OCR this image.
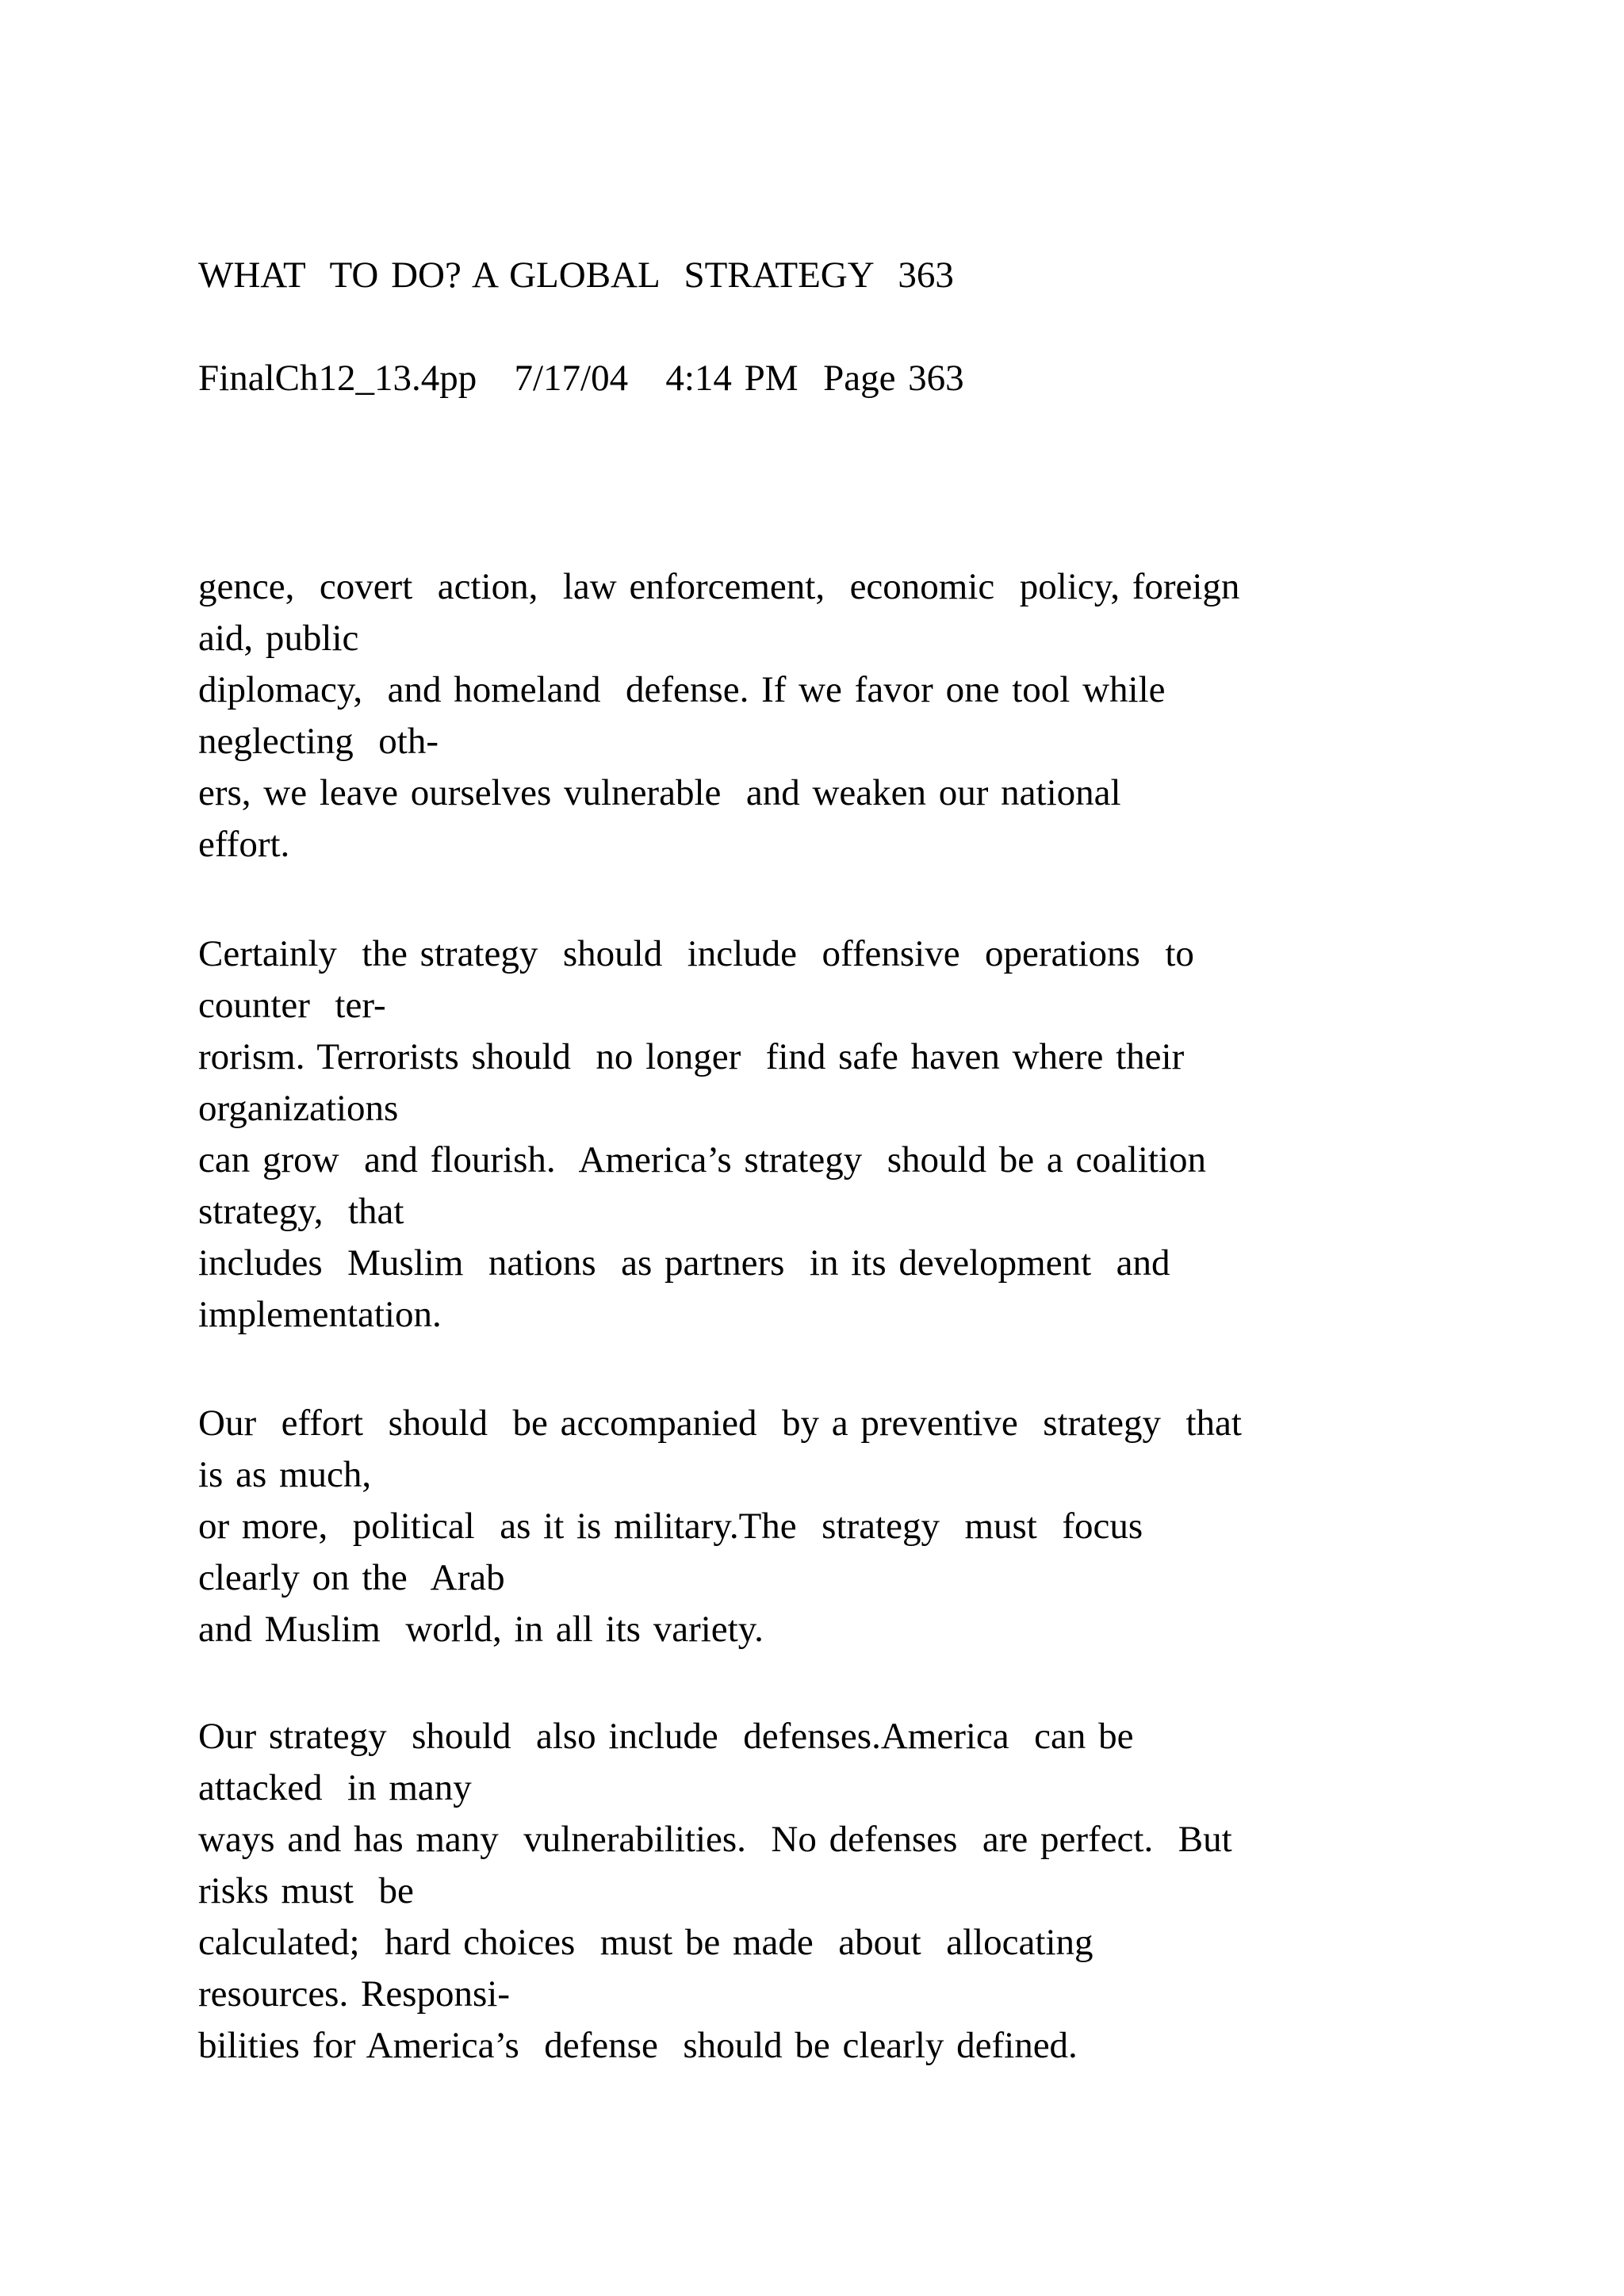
WHAT  TO DO? A GLOBAL  STRATEGY  363
FinalCh12_13.4pp   7/17/04   4:14 PM  Page 363
gence,  covert  action,  law enforcement,  economic  policy, foreign
aid, public
diplomacy,  and homeland  defense. If we favor one tool while
neglecting  oth-
ers, we leave ourselves vulnerable  and weaken our national
effort.
Certainly  the strategy  should  include  offensive  operations  to
counter  ter-
rorism. Terrorists should  no longer  find safe haven where their
organizations
can grow  and flourish.  America’s strategy  should be a coalition
strategy,  that
includes  Muslim  nations  as partners  in its development  and
implementation.
Our  effort  should  be accompanied  by a preventive  strategy  that
is as much,
or more,  political  as it is military.The  strategy  must  focus
clearly on the  Arab
and Muslim  world, in all its variety.
Our strategy  should  also include  defenses.America  can be
attacked  in many
ways and has many  vulnerabilities.  No defenses  are perfect.  But
risks must  be
calculated;  hard choices  must be made  about  allocating
resources. Responsi-
bilities for America’s  defense  should be clearly defined.
